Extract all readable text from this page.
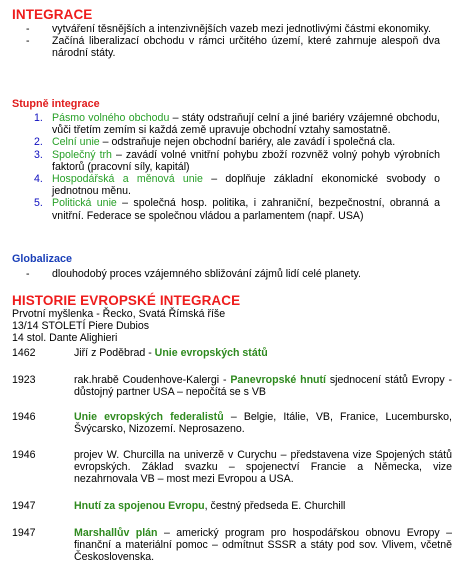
INTEGRACE
- vytváření těsnějších a intenzivnějších vazeb mezi jednotlivými částmi ekonomiky.
- Začíná liberalizací obchodu v rámci určitého území, které zahrnuje alespoň dva národní státy.
Stupně integrace
1. Pásmo volného obchodu – státy odstraňují celní a jiné bariéry vzájemné obchodu, vůči třetím zemím si každá země upravuje obchodní vztahy samostatně.
2. Celní unie – odstraňuje nejen obchodní bariéry, ale zavádí i společná cla.
3. Společný trh – zavádí volné vnitřní pohybu zboží rozvněž volný pohyb výrobních faktorů (pracovní síly, kapitál)
4. Hospodářská a měnová unie – doplňuje základní ekonomické svobody o jednotnou měnu.
5. Politická unie – společná hosp. politika, i zahraniční, bezpečnostní, obranná a vnitřní. Federace se společnou vládou a parlamentem (např. USA)
Globalizace
- dlouhodobý proces vzájemného sbližování zájmů lidí celé planety.
HISTORIE EVROPSKÉ INTEGRACE
Prvotní myšlenka - Řecko, Svatá Římská říše
13/14 STOLETÍ Piere Dubios
14 stol. Dante Alighieri
1462	Jiří z Poděbrad - Unie evropských států
1923	rak.hrabě Coudenhove-Kalergi - Panevropské hnutí sjednocení států Evropy - důstojný partner USA – nepočítá se s VB
1946	Unie evropských federalistů – Belgie, Itálie, VB, Franice, Lucembursko, Švýcarsko, Nizozemí. Neprosazeno.
1946	projev W. Churcilla na univerzě v Curychu – představena vize Spojených států evropských. Základ svazku – spojenectví Francie a Německa, vize nezahrnovala VB – most mezi Evropou a USA.
1947	Hnutí za spojenou Evropu, čestný předseda E. Churchill
1947	Marshallův plán – americký program pro hospodářskou obnovu Evropy –finanční a materiální pomoc – odmítnut SSSR a státy pod sov. Vlivem, včetně Československa.
